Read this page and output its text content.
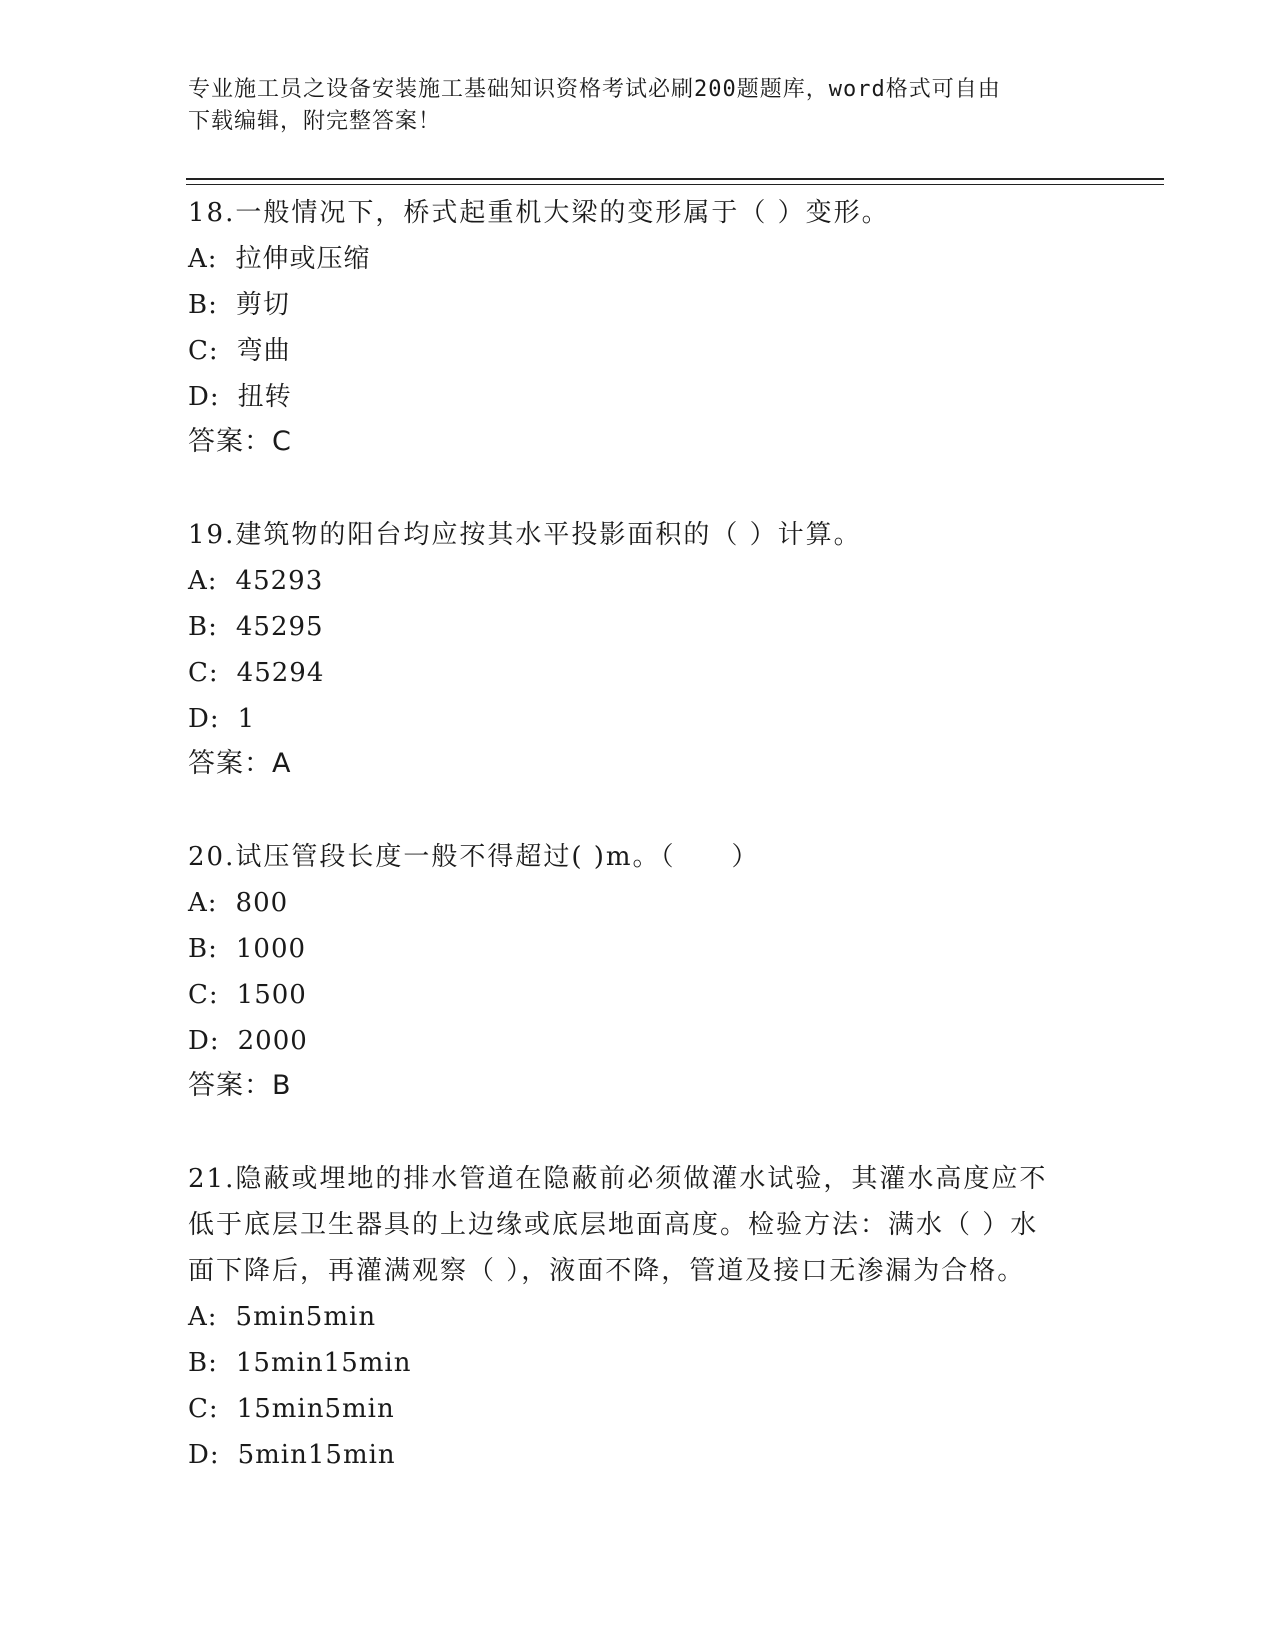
专业施工员之设备安装施工基础知识资格考试必刷200题题库，word格式可自由
下载编辑，附完整答案！
18.一般情况下，桥式起重机大梁的变形属于（ ）变形。
A: 拉伸或压缩
B: 剪切
C: 弯曲
D: 扭转
答案：C
19.建筑物的阳台均应按其水平投影面积的（ ）计算。
A: 45293
B: 45295
C: 45294
D: 1
答案：A
20.试压管段长度一般不得超过( )m。（　　）
A: 800
B: 1000
C: 1500
D: 2000
答案：B
21.隐蔽或埋地的排水管道在隐蔽前必须做灌水试验，其灌水高度应不
低于底层卫生器具的上边缘或底层地面高度。检验方法：满水（ ）水
面下降后，再灌满观察（ ），液面不降，管道及接口无渗漏为合格。
A: 5min5min
B: 15min15min
C: 15min5min
D: 5min15min
